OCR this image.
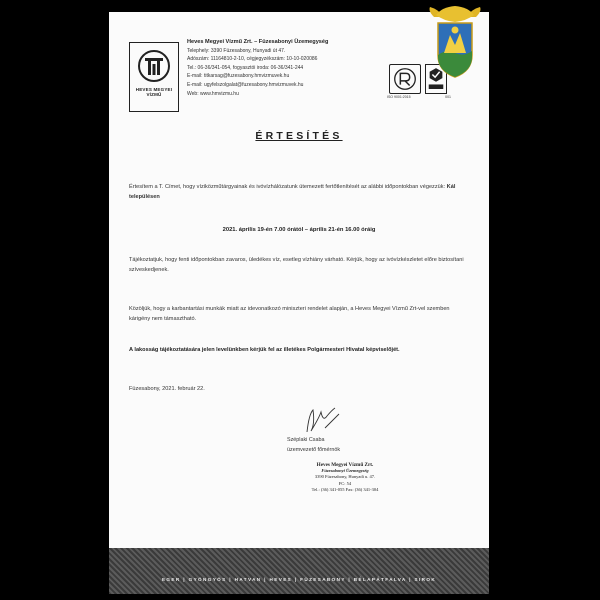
HEVES MEGYEI
VÍZMŰ
Heves Megyei Vízmű Zrt. – Füzesabonyi Üzemegység
Telephely: 3390 Füzesabony, Hunyadi út 47.
Adószám: 11164810-2-10, cégjegyzékszám: 10-10-020086
Tel.: 06-36/341-054, fogyasztói iroda: 06-36/341-244
E-mail: titkarsag@fuzesabony.hmvizmuvek.hu
E-mail: ugyfelszolgalat@fuzesabony.hmvizmuvek.hu
Web: www.hmvizmu.hu
ISO 9001:2015	001
ÉRTESÍTÉS
Értesítem a T. Címet, hogy víziközműtárgyainak és ivóvízhálózatunk ütemezett fertőtlenítését az alábbi időpontokban végezzük: Kál településen
2021. április 19-én 7.00 órától – április 21-én 16.00 óráig
Tájékoztatjuk, hogy fenti időpontokban zavaros, üledékes víz, esetleg vízhiány várható. Kérjük, hogy az ivóvízkészletet előre biztosítani szíveskedjenek.
Közöljük, hogy a karbantartási munkák miatt az idevonatkozó miniszteri rendelet alapján, a Heves Megyei Vízmű Zrt-vel szemben kárigény nem támasztható.
A lakosság tájékoztatására jelen levelünkben kérjük fel az illetékes Polgármesteri Hivatal képviselőjét.
Füzesabony, 2021. február 22.
Széplaki Csaba
üzemvezető főmérnök
Heves Megyei Vízmű Zrt.
Füzesabonyi Üzemegység
3390 Füzesabony, Hunyadi u. 47.
FC: 54
Tel.: (36) 341-055 Fax: (36) 341-304
EGER | GYÖNGYÖS | HATVAN | HEVES | FÜZESABONY | BÉLAPÁTFALVA | SIROK
